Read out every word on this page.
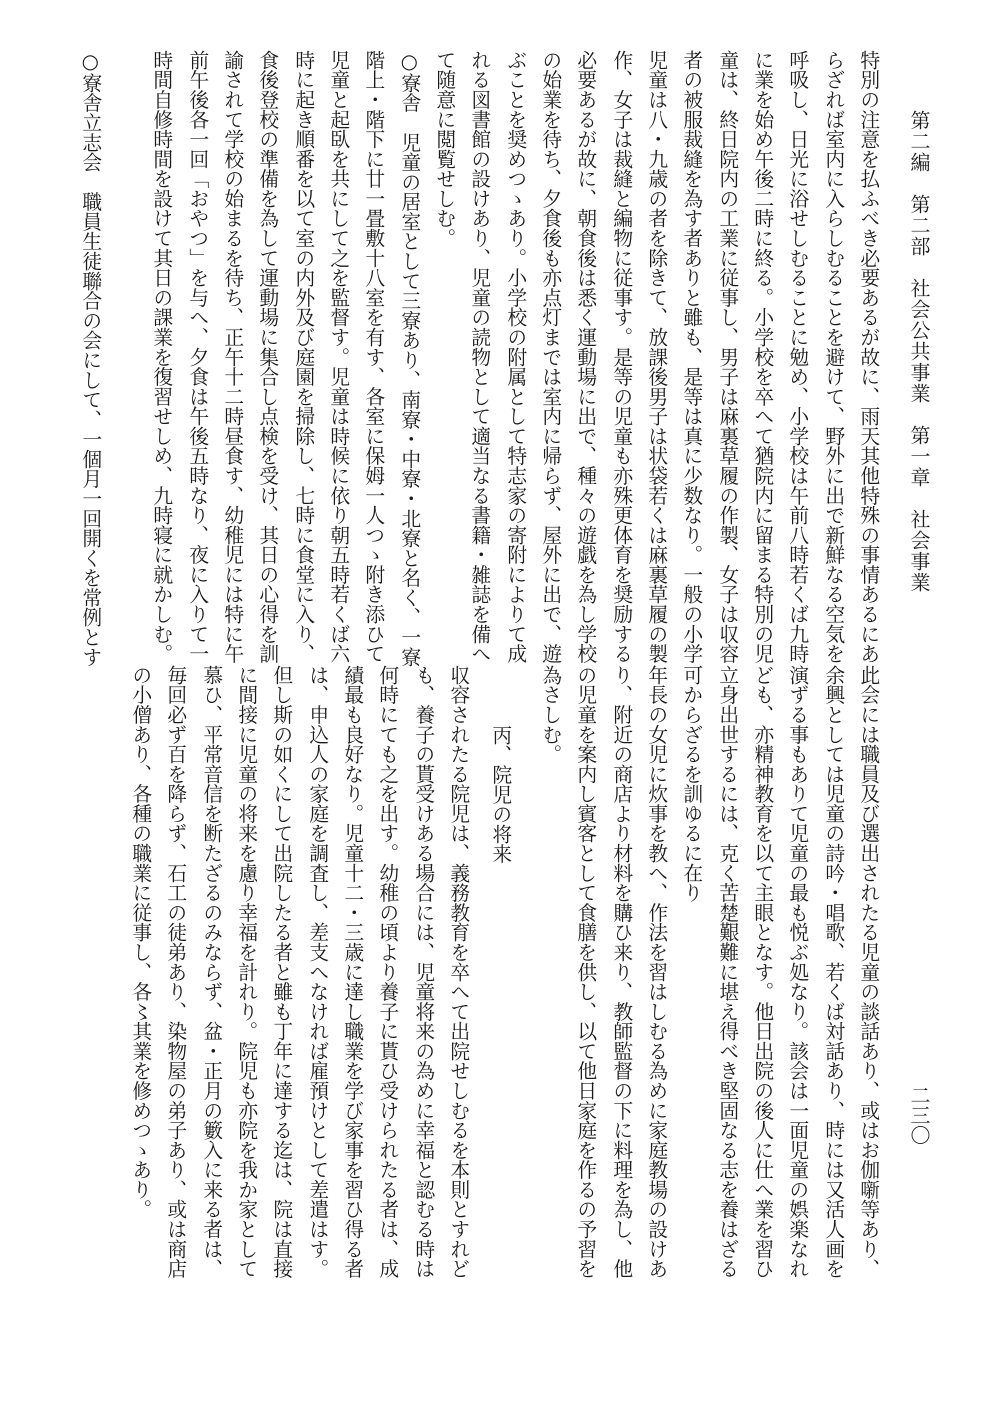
第二編　第二部　社会公共事業　第一章　社会事業
二三〇
特別の注意を払ふべき必要あるが故に、雨天其他特殊の事情あるにあ
らざれば室内に入らしむることを避けて、野外に出で新鮮なる空気を
呼吸し、日光に浴せしむることに勉め、小学校は午前八時若くば九時
に業を始め午後二時に終る。小学校を卒へて猶院内に留まる特別の児
童は、終日院内の工業に従事し、男子は麻裏草履の作製、女子は収容
者の被服裁縫を為す者ありと雖も、是等は真に少数なり。一般の小学
児童は八・九歳の者を除きて、放課後男子は状袋若くは麻裏草履の製
作、女子は裁縫と編物に従事す。是等の児童も亦殊更体育を奨励する
必要あるが故に、朝食後は悉く運動場に出で、種々の遊戯を為し学校
の始業を待ち、夕食後も亦点灯までは室内に帰らず、屋外に出で、遊
ぶことを奨めつゝあり。小学校の附属として特志家の寄附によりて成
れる図書館の設けあり、児童の読物として適当なる書籍・雑誌を備へ
て随意に閲覧せしむ。
○寮舎　児童の居室として三寮あり、南寮・中寮・北寮と名く、一寮
階上・階下に廿一畳敷十八室を有す、各室に保姆一人つゝ附き添ひて
児童と起臥を共にして之を監督す。児童は時候に依り朝五時若くば六
時に起き順番を以て室の内外及び庭園を掃除し、七時に食堂に入り、
食後登校の準備を為して運動場に集合し点検を受け、其日の心得を訓
諭されて学校の始まるを待ち、正午十二時昼食す、幼稚児には特に午
前午後各一回「おやつ」を与へ、夕食は午後五時なり、夜に入りて一
時間自修時間を設けて其日の課業を復習せしめ、九時寝に就かしむ。
○寮舎立志会　職員生徒聯合の会にして、一個月一回開くを常例とす
此会には職員及び選出されたる児童の談話あり、或はお伽噺等あり、
余興としては児童の詩吟・唱歌、若くば対話あり、時には又活人画を
演ずる事もありて児童の最も悦ぶ処なり。該会は一面児童の娯楽なれ
ども、亦精神教育を以て主眼となす。他日出院の後人に仕へ業を習ひ
立身出世するには、克く苦楚艱難に堪え得べき堅固なる志を養はざる
可からざるを訓ゆるに在り
年長の女児に炊事を教へ、作法を習はしむる為めに家庭教場の設けあ
り、附近の商店より材料を購ひ来り、教師監督の下に料理を為し、他
の児童を案内し賓客として食膳を供し、以て他日家庭を作るの予習を
為さしむ。
丙、院児の将来
収容されたる院児は、義務教育を卒へて出院せしむるを本則とすれど
も、養子の貰受けある場合には、児童将来の為めに幸福と認むる時は
何時にても之を出す。幼稚の頃より養子に貰ひ受けられたる者は、成
績最も良好なり。児童十二・三歳に達し職業を学び家事を習ひ得る者
は、申込人の家庭を調査し、差支へなければ雇預けとして差遣はす。
但し斯の如くにして出院したる者と雖も丁年に達する迄は、院は直接
に間接に児童の将来を慮り幸福を計れり。院児も亦院を我か家として
慕ひ、平常音信を断たざるのみならず、盆・正月の籔入に来る者は、
毎回必ず百を降らず、石工の徒弟あり、染物屋の弟子あり、或は商店
の小僧あり、各種の職業に従事し、各〻其業を修めつゝあり。
